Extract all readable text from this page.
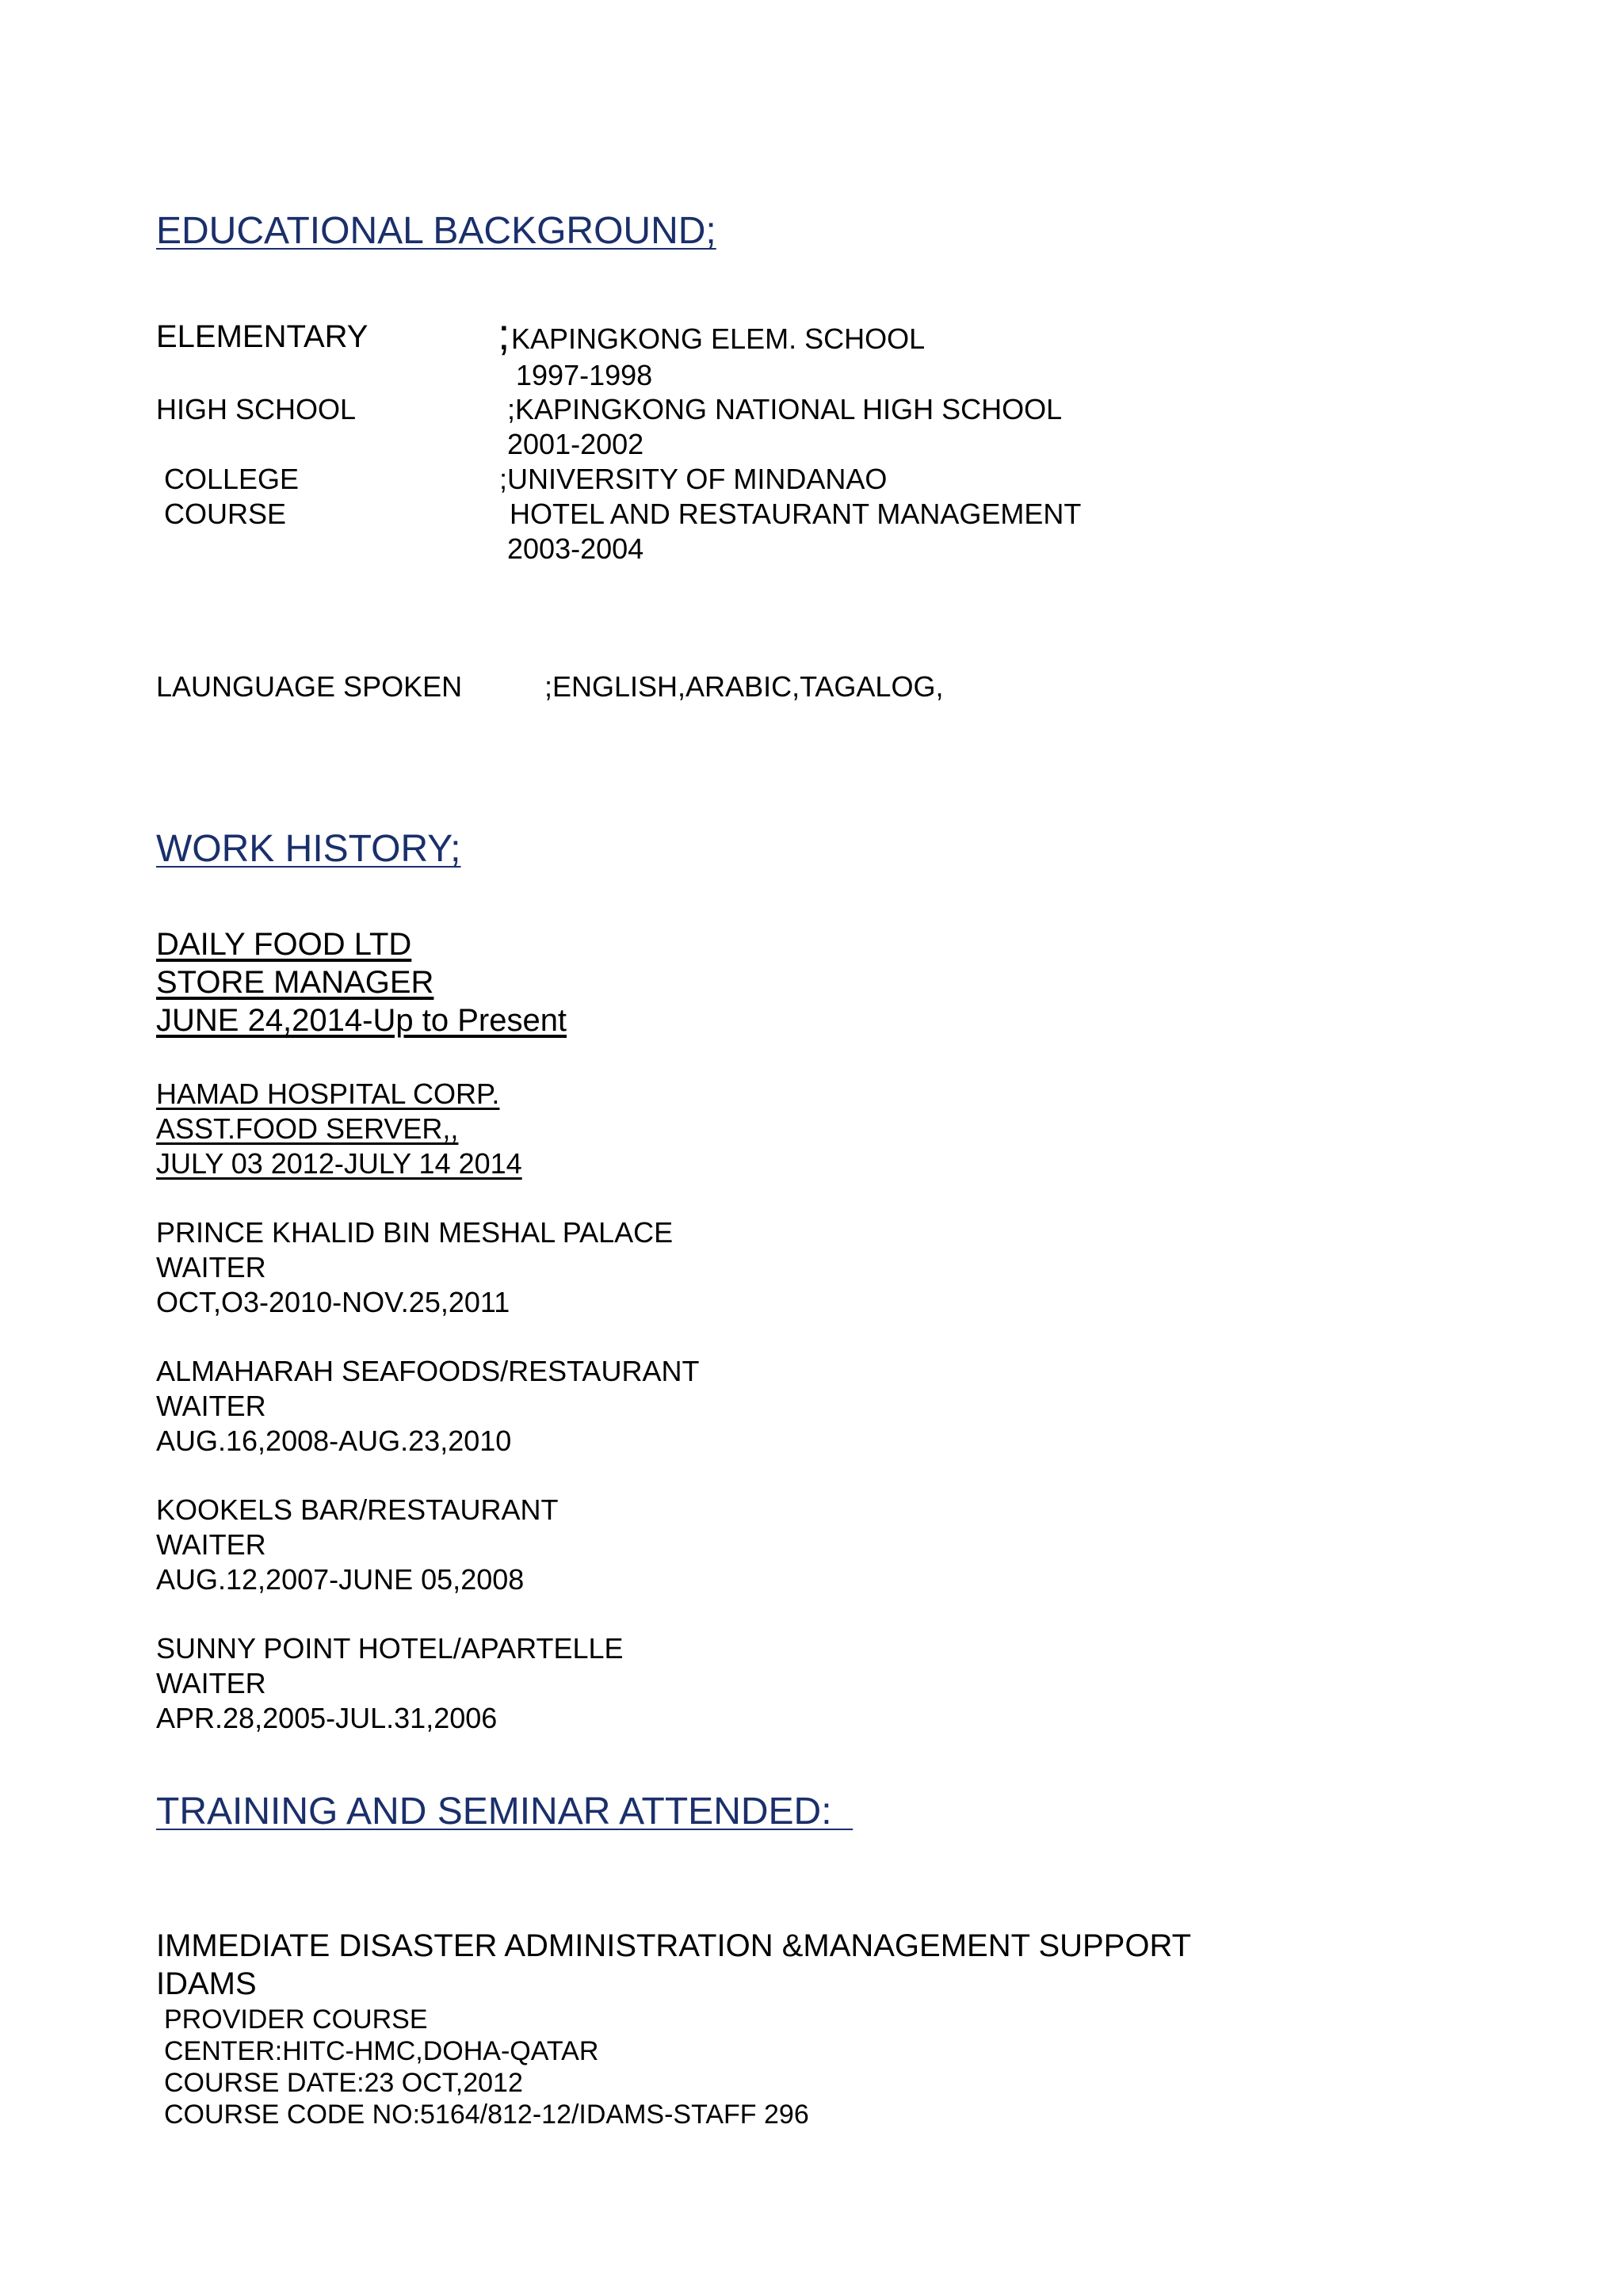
EDUCATIONAL BACKGROUND;
ELEMENTARY	; KAPINGKONG ELEM. SCHOOL
1997-1998
HIGH SCHOOL	;KAPINGKONG NATIONAL HIGH SCHOOL
2001-2002
COLLEGE	;UNIVERSITY OF MINDANAO
COURSE	HOTEL AND RESTAURANT MANAGEMENT
2003-2004
LAUNGUAGE SPOKEN	;ENGLISH,ARABIC,TAGALOG,
WORK HISTORY;
DAILY FOOD LTD
STORE MANAGER
JUNE 24,2014-Up to Present
HAMAD HOSPITAL CORP.
ASST.FOOD SERVER,,
JULY 03 2012-JULY 14 2014
PRINCE KHALID BIN MESHAL PALACE
WAITER
OCT,O3-2010-NOV.25,2011
ALMAHARAH SEAFOODS/RESTAURANT
WAITER
AUG.16,2008-AUG.23,2010
KOOKELS BAR/RESTAURANT
WAITER
AUG.12,2007-JUNE 05,2008
SUNNY POINT HOTEL/APARTELLE
WAITER
APR.28,2005-JUL.31,2006
TRAINING AND SEMINAR ATTENDED:
IMMEDIATE DISASTER ADMINISTRATION &MANAGEMENT SUPPORT
IDAMS
PROVIDER COURSE
CENTER:HITC-HMC,DOHA-QATAR
COURSE DATE:23 OCT,2012
COURSE CODE NO:5164/812-12/IDAMS-STAFF 296
